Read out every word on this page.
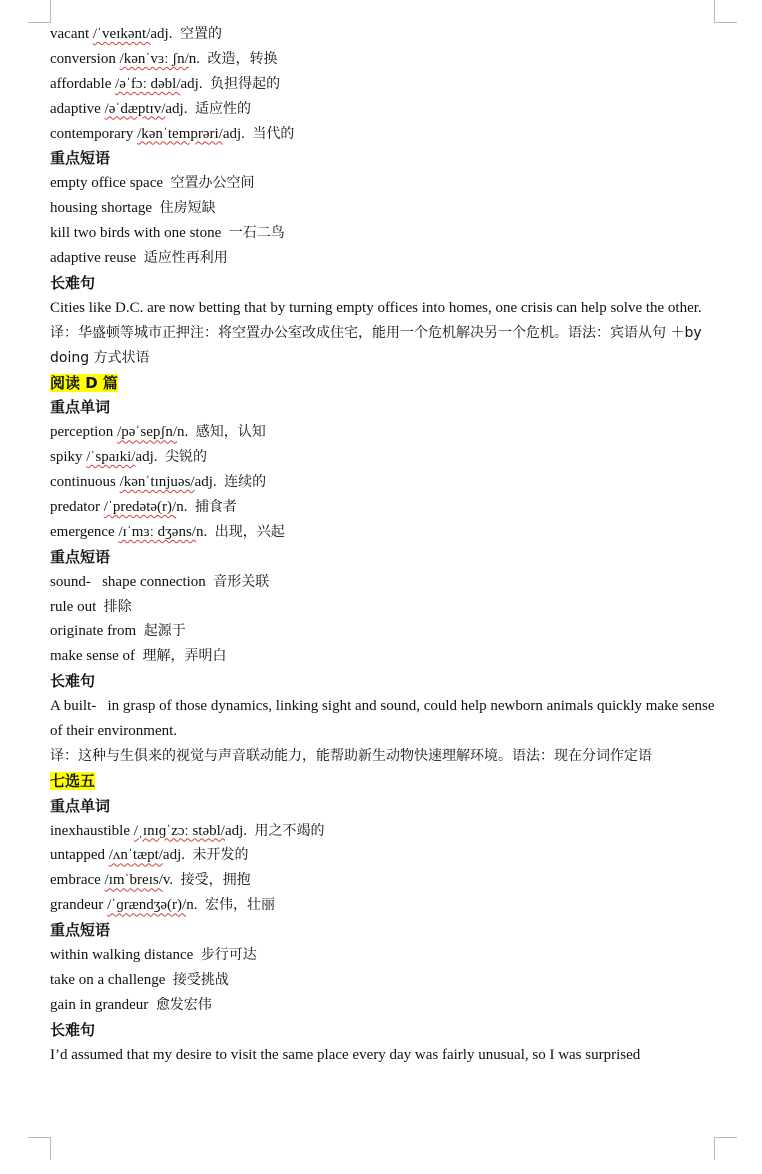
vacant /ˈveɪkənt/adj. 空置的
conversion /kənˈvɜː ʃn/n. 改造，转换
affordable /əˈfɔː dəbl/adj. 负担得起的
adaptive /əˈdæptɪv/adj. 适应性的
contemporary /kənˈtemprəri/adj. 当代的
重点短语
empty office space 空置办公空间
housing shortage 住房短缺
kill two birds with one stone 一石二鸟
adaptive reuse 适应性再利用
长难句
Cities like D.C. are now betting that by turning empty offices into homes, one crisis can help solve the other.
译：华盛顿等城市正押注：将空置办公室改成住宅，能用一个危机解决另一个危机。语法：宾语从句 ＋by doing 方式状语
阅读 D 篇
重点单词
perception /pəˈsepʃn/n. 感知，认知
spiky /ˈspaɪki/adj. 尖锐的
continuous /kənˈtɪnjuəs/adj. 连续的
predator /ˈpredətə(r)/n. 捕食者
emergence /ɪˈmɜː dʒəns/n. 出现，兴起
重点短语
sound-   shape connection 音形关联
rule out 排除
originate from 起源于
make sense of 理解，弄明白
长难句
A built-   in grasp of those dynamics, linking sight and sound, could help newborn animals quickly make sense of their environment.
译：这种与生俱来的视觉与声音联动能力，能帮助新生动物快速理解环境。语法：现在分词作定语
七选五
重点单词
inexhaustible /ˌɪnɪɡˈzɔː stəbl/adj. 用之不竭的
untapped /ʌnˈtæpt/adj. 未开发的
embrace /ɪmˈbreɪs/v. 接受，拥抱
grandeur /ˈɡrændʒə(r)/n. 宏伟，壮丽
重点短语
within walking distance 步行可达
take on a challenge 接受挑战
gain in grandeur 愈发宏伟
长难句
I’d assumed that my desire to visit the same place every day was fairly unusual, so I was surprised
